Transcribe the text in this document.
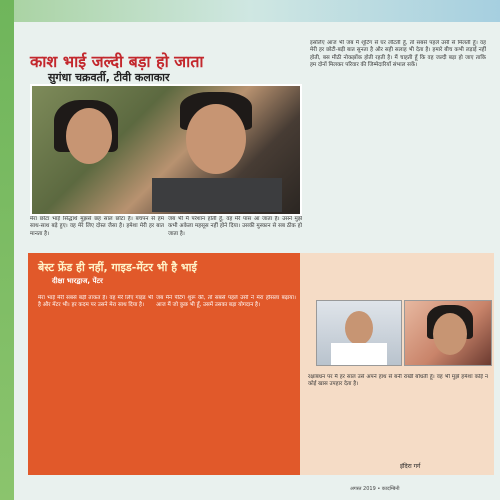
काश भाई जल्दी बड़ा हो जाता
सुगंधा चक्रवर्ती, टीवी कलाकार
मेरा छोटा भाई सिद्धार्थ मुझसे छह साल छोटा है। बचपन से हम साथ-साथ बड़े हुए। वह मेरे लिए दोस्त जैसा है। हमेशा मेरी हर बात मानता है।
जब भी मैं परेशान होती हूँ, वह मेरे पास आ जाता है। उसने मुझे कभी अकेला महसूस नहीं होने दिया। उसकी मुस्कान से सब ठीक हो जाता है।
इसलिए आज भी जब मैं शूटिंग से घर लौटती हूँ, तो सबसे पहले उसी से मिलती हूँ। वह मेरी हर छोटी-बड़ी बात सुनता है और सही सलाह भी देता है। हमारे बीच कभी लड़ाई नहीं होती, बस मीठी नोकझोंक होती रहती है। मैं चाहती हूँ कि वह जल्दी बड़ा हो जाए ताकि हम दोनों मिलकर परिवार की जिम्मेदारियाँ संभाल सकें।
बेस्ट फ्रेंड ही नहीं, गाइड-मेंटर भी है भाई
दीक्षा भारद्वाज, पेंटर
मेरा भाई मेरी सबसे बड़ी ताकत है। वह मेरे लिए गाइड भी है और मेंटर भी। हर कदम पर उसने मेरा साथ दिया है।
जब मैंने पेंटिंग शुरू की, तो सबसे पहले उसी ने मेरा हौसला बढ़ाया। आज मैं जो कुछ भी हूँ, उसमें उसका बड़ा योगदान है।
रक्षाबंधन पर मैं हर साल उसे अपने हाथ से बनी राखी बाँधती हूँ। वह भी मुझे हमेशा कोई न कोई खास उपहार देता है।
इंदिरा गर्ग
अगस्त 2019 • कादम्बिनी
